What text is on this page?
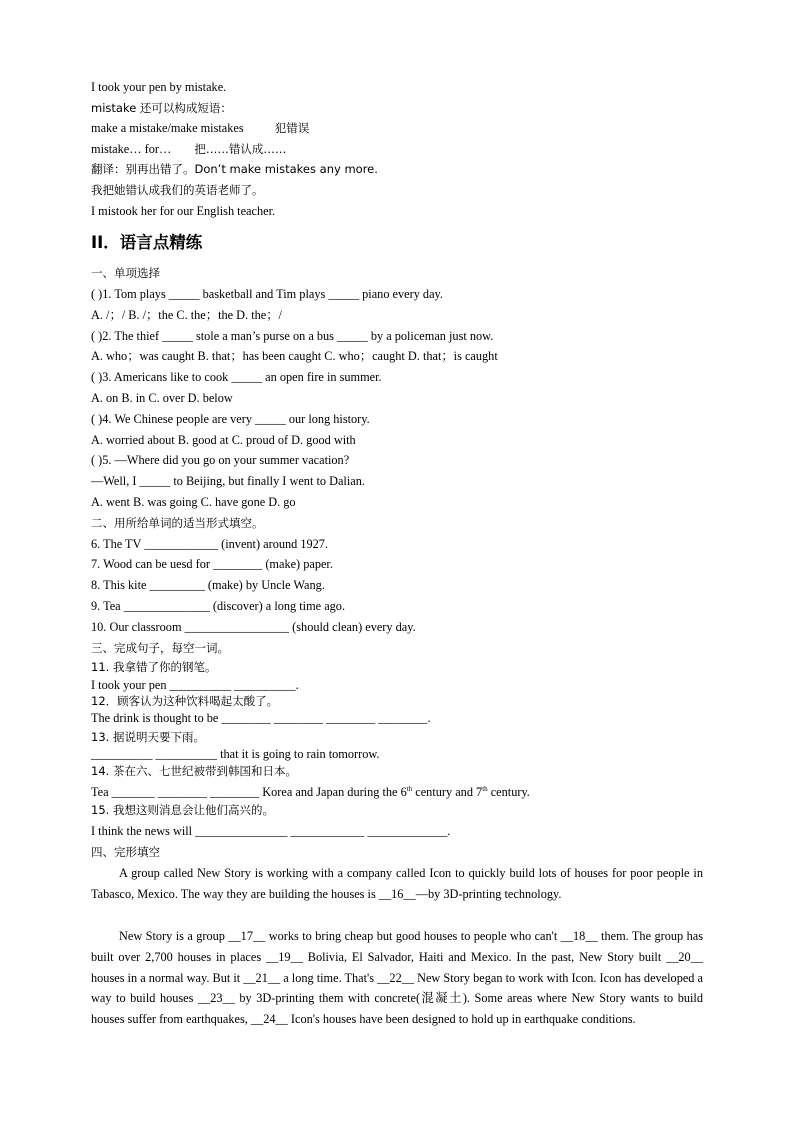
I took your pen by mistake.
mistake 还可以构成短语：
make a mistake/make mistakes	犯错误
mistake… for… 把……错认成……
翻译：别再出错了。Don’t make mistakes any more.
我把她错认成我们的英语老师了。
I mistook her for our English teacher.
II．语言点精练
一、单项选择
( )1. Tom plays _____ basketball and Tim plays _____ piano every day.
A. /；/ B. /；the C. the；the D. the；/
( )2. The thief _____ stole a man’s purse on a bus _____ by a policeman just now.
A. who；was caught B. that；has been caught C. who；caught D. that；is caught
( )3. Americans like to cook _____ an open fire in summer.
A. on B. in C. over D. below
( )4. We Chinese people are very _____ our long history.
A. worried about B. good at C. proud of D. good with
( )5. —Where did you go on your summer vacation?
—Well, I _____ to Beijing, but finally I went to Dalian.
A. went B. was going C. have gone D. go
二、用所给单词的适当形式填空。
6. The TV ____________ (invent) around 1927.
7. Wood can be uesd for ________ (make) paper.
8. This kite _________ (make) by Uncle Wang.
9. Tea ______________ (discover) a long time ago.
10. Our classroom _________________ (should clean) every day.
三、完成句子，每空一词。
11. 我拿错了你的钢笔。
I took your pen __________ __________.
12．顾客认为这种饮料喝起太酸了。
The drink is thought to be ________ ________ ________ ________.
13. 据说明天要下雨。
__________ __________ that it is going to rain tomorrow.
14. 茶在六、七世纪被带到韩国和日本。
Tea _______ ________ ________ Korea and Japan during the 6th century and 7th century.
15. 我想这则消息会让他们高兴的。
I think the news will _______________ ____________ _____________.
四、完形填空
A group called New Story is working with a company called Icon to quickly build lots of houses for poor people in Tabasco, Mexico. The way they are building the houses is __16__—by 3D-printing technology.
New Story is a group __17__ works to bring cheap but good houses to people who can't __18__ them. The group has built over 2,700 houses in places __19__ Bolivia, El Salvador, Haiti and Mexico. In the past, New Story built __20__ houses in a normal way. But it __21__ a long time. That's __22__ New Story began to work with Icon. Icon has developed a way to build houses __23__ by 3D-printing them with concrete(混凝土). Some areas where New Story wants to build houses suffer from earthquakes, __24__ Icon's houses have been designed to hold up in earthquake conditions.
